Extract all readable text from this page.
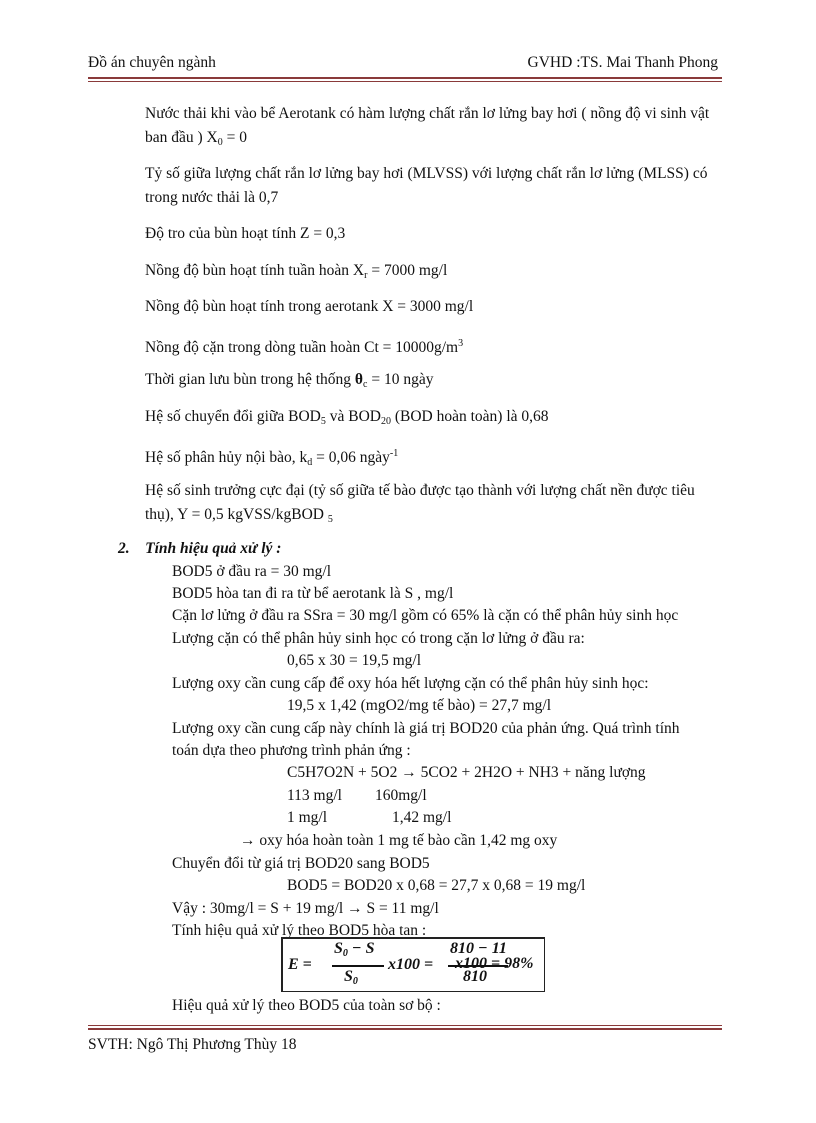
Đồ án chuyên ngành	GVHD :TS. Mai Thanh Phong
Nước thải khi vào bể Aerotank có hàm lượng chất rắn lơ lửng bay hơi ( nồng độ vi sinh vật ban đầu ) $X_0 = 0$
Tỷ số giữa lượng chất rắn lơ lửng bay hơi (MLVSS) với lượng chất rắn lơ lửng (MLSS) có trong nước thải là 0,7
Độ tro của bùn hoạt tính Z = 0,3
Nồng độ bùn hoạt tính tuần hoàn $X_r = 7000$ mg/l
Nồng độ bùn hoạt tính trong aerotank X = 3000 mg/l
Nồng độ cặn trong dòng tuần hoàn $Ct = 10000g/m^3$
Thời gian lưu bùn trong hệ thống $\theta_c = 10$ ngày
Hệ số chuyển đổi giữa $BOD_5$ và $BOD_{20}$ (BOD hoàn toàn) là 0,68
Hệ số phân hủy nội bào, $k_d = 0,06$ ngày$^{-1}$
Hệ số sinh trưởng cực đại (tỷ số giữa tế bào được tạo thành với lượng chất nền được tiêu thụ), Y = 0,5 kgVSS/kgBOD $_5$
2. Tính hiệu quả xử lý :
BOD5 ở đầu ra = 30 mg/l
BOD5 hòa tan đi ra từ bể aerotank là S , mg/l
Cặn lơ lửng ở đầu ra SSra = 30 mg/l gồm có 65% là cặn có thể phân hủy sinh học
Lượng cặn có thể phân hủy sinh học có trong cặn lơ lửng ở đầu ra:
0,65 x 30 = 19,5 mg/l
Lượng oxy cần cung cấp để oxy hóa hết lượng cặn có thể phân hủy sinh học:
19,5 x 1,42 (mgO2/mg tế bào) = 27,7 mg/l
Lượng oxy cần cung cấp này chính là giá trị BOD20 của phản ứng. Quá trình tính
toán dựa theo phương trình phản ứng :
C5H7O2N + 5O2 → 5CO2 + 2H2O + NH3 + năng lượng
113 mg/l 160mg/l
1 mg/l	1,42 mg/l
→ oxy hóa hoàn toàn 1 mg tế bào cần 1,42 mg oxy
Chuyển đổi từ giá trị BOD20 sang BOD5
BOD5 = BOD20 x 0,68 = 27,7 x 0,68 = 19 mg/l
Vậy : 30mg/l = S + 19 mg/l → S = 11 mg/l
Tính hiệu quả xử lý theo BOD5 hòa tan :
E =
$S_0 - S$
$S_0$
x100 =
810 − 11
810
x100 = 98%
Hiệu quả xử lý theo BOD5 của toàn sơ bộ :
SVTH: Ngô Thị Phương Thùy 18
